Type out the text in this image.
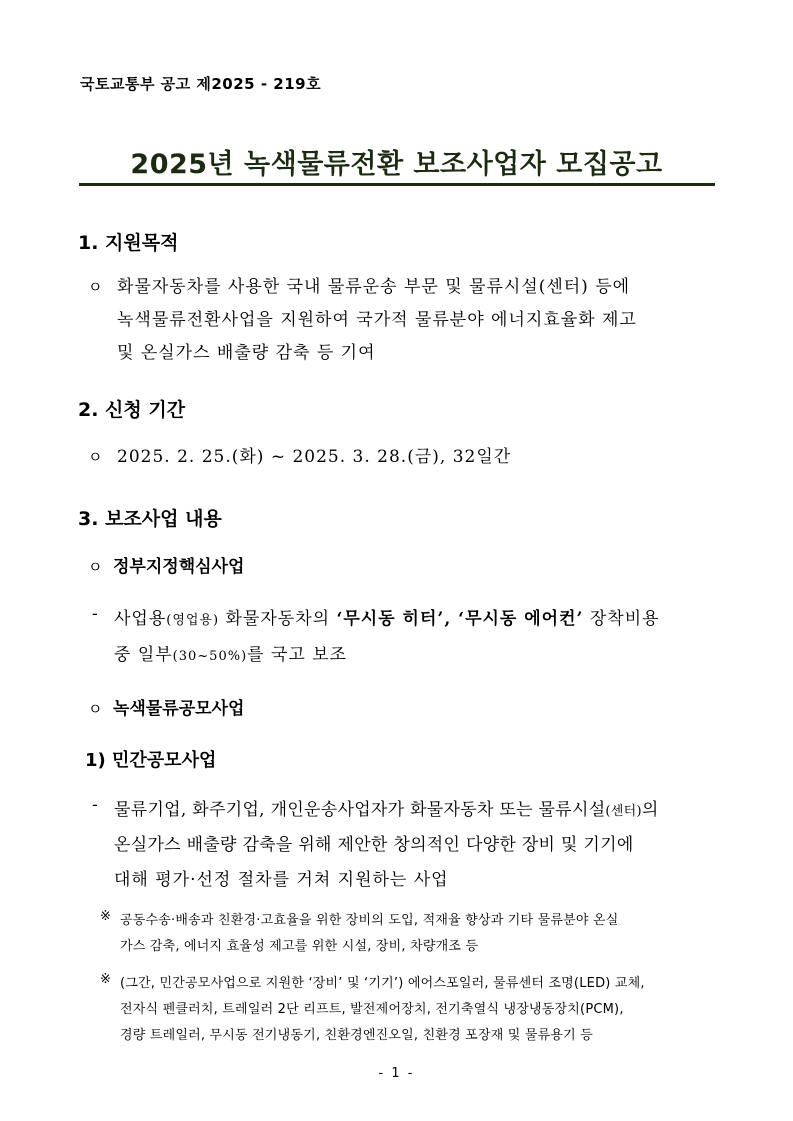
국토교통부 공고 제2025 - 219호
2025년 녹색물류전환 보조사업자 모집공고
1. 지원목적
ㅇ 화물자동차를 사용한 국내 물류운송 부문 및 물류시설(센터) 등에
녹색물류전환사업을 지원하여 국가적 물류분야 에너지효율화 제고
및 온실가스 배출량 감축 등 기여
2. 신청 기간
ㅇ 2025. 2. 25.(화) ~ 2025. 3. 28.(금), 32일간
3. 보조사업 내용
ㅇ 정부지정핵심사업
- 사업용(영업용) 화물자동차의 ‘무시동 히터’, ‘무시동 에어컨’ 장착비용
중 일부(30~50%)를 국고 보조
ㅇ 녹색물류공모사업
1) 민간공모사업
- 물류기업, 화주기업, 개인운송사업자가 화물자동차 또는 물류시설(센터)의
온실가스 배출량 감축을 위해 제안한 창의적인 다양한 장비 및 기기에
대해 평가·선정 절차를 거쳐 지원하는 사업
※ 공동수송·배송과 친환경·고효율을 위한 장비의 도입, 적재율 향상과 기타 물류분야 온실
가스 감축, 에너지 효율성 제고를 위한 시설, 장비, 차량개조 등
※ (그간, 민간공모사업으로 지원한 ‘장비’ 및 ‘기기’) 에어스포일러, 물류센터 조명(LED) 교체,
전자식 펜클러치, 트레일러 2단 리프트, 발전제어장치, 전기축열식 냉장냉동장치(PCM),
경량 트레일러, 무시동 전기냉동기, 친환경엔진오일, 친환경 포장재 및 물류용기 등
- 1 -
